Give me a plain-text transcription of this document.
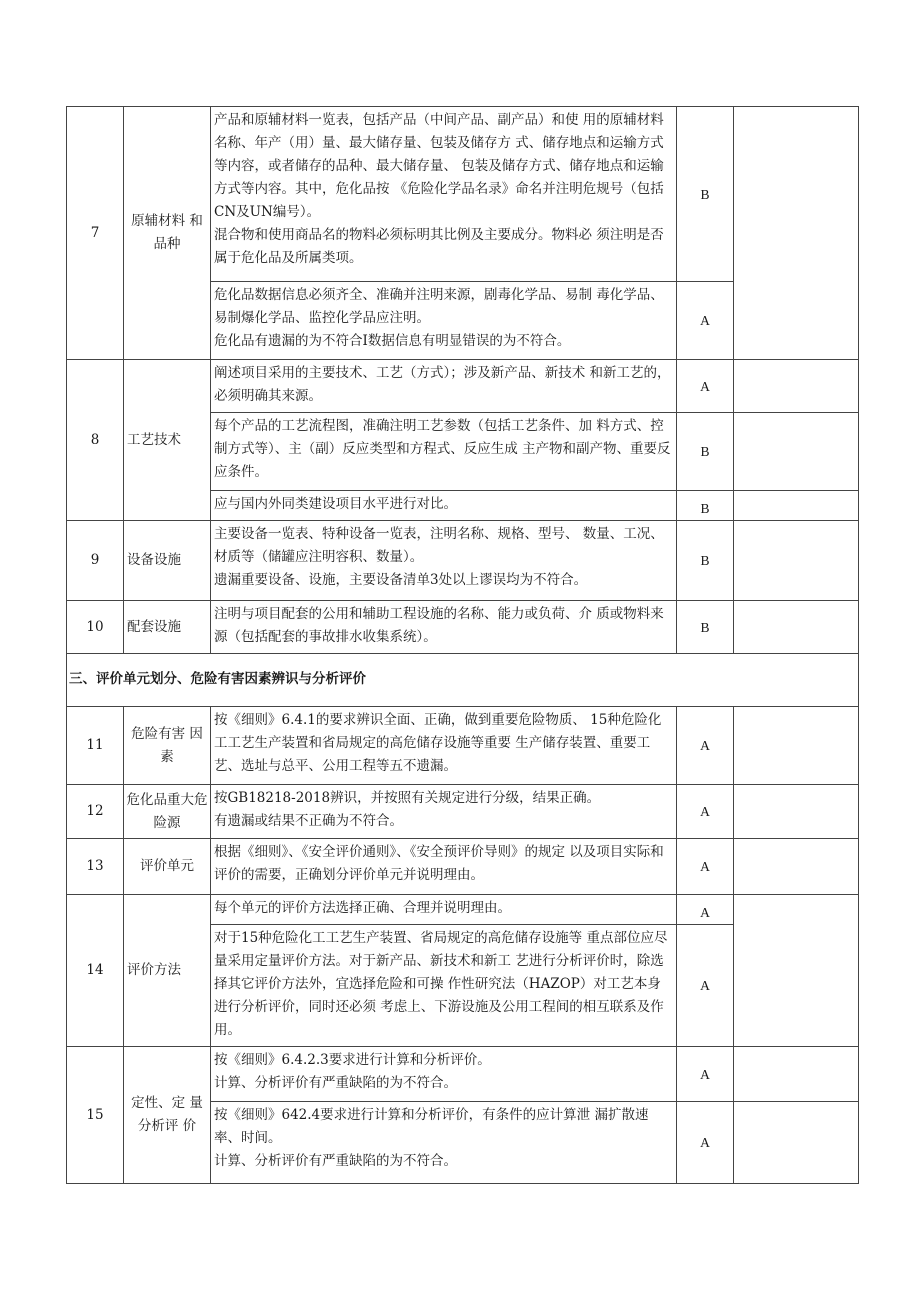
7	原辅材料 和品种	产品和原辅材料一览表，包括产品（中间产品、副产品）和使 用的原辅材料名称、年产（用）量、最大储存量、包装及储存方 式、储存地点和运输方式等内容，或者储存的品种、最大储存量、 包装及储存方式、储存地点和运输方式等内容。其中，危化品按 《危险化学品名录》命名并注明危规号（包括CN及UN编号）。
混合物和使用商品名的物料必须标明其比例及主要成分。物料必 须注明是否属于危化品及所属类项。	B	

		危化品数据信息必须齐全、准确并注明来源，剧毒化学品、易制 毒化学品、易制爆化学品、监控化学品应注明。
危化品有遗漏的为不符合I数据信息有明显错误的为不符合。	A	
8	工艺技术	阐述项目采用的主要技术、工艺（方式）；涉及新产品、新技术 和新工艺的，必须明确其来源。	A	

		每个产品的工艺流程图，准确注明工艺参数（包括工艺条件、加 料方式、控制方式等）、主（副）反应类型和方程式、反应生成 主产物和副产物、重要反应条件。	B	

		应与国内外同类建设项目水平进行对比。	B	
9	设备设施	主要设备一览表、特种设备一览表，注明名称、规格、型号、 数量、工况、材质等（储罐应注明容积、数量）。
遗漏重要设备、设施，主要设备清单3处以上谬误均为不符合。	B	
10	配套设施	注明与项目配套的公用和辅助工程设施的名称、能力或负荷、介 质或物料来源（包括配套的事故排水收集系统）。	B	
三、评价单元划分、危险有害因素辨识与分析评价				
11	危险有害 因素	按《细则》6.4.1的要求辨识全面、正确，做到重要危险物质、 15种危险化工工艺生产装置和省局规定的高危储存设施等重要 生产储存装置、重要工艺、选址与总平、公用工程等五不遗漏。	A	
12	危化品重大危险源	按GB18218-2018辨识，并按照有关规定进行分级，结果正确。
有遗漏或结果不正确为不符合。	A	
13	评价单元	根据《细则》、《安全评价通则》、《安全预评价导则》的规定 以及项目实际和评价的需要，正确划分评价单元并说明理由。	A	
14	评价方法	每个单元的评价方法选择正确、合理并说明理由。	A	

		对于15种危险化工工艺生产装置、省局规定的高危储存设施等 重点部位应尽量采用定量评价方法。对于新产品、新技术和新工 艺进行分析评价时，除选择其它评价方法外，宜选择危险和可操 作性研究法（HAZOP）对工艺本身进行分析评价，同时还必须 考虑上、下游设施及公用工程间的相互联系及作用。	A	
15	定性、定 量分析评 价	按《细则》6.4.2.3要求进行计算和分析评价。
计算、分析评价有严重缺陷的为不符合。	A	

		按《细则》642.4要求进行计算和分析评价，有条件的应计算泄 漏扩散速率、时间。
计算、分析评价有严重缺陷的为不符合。	A	
